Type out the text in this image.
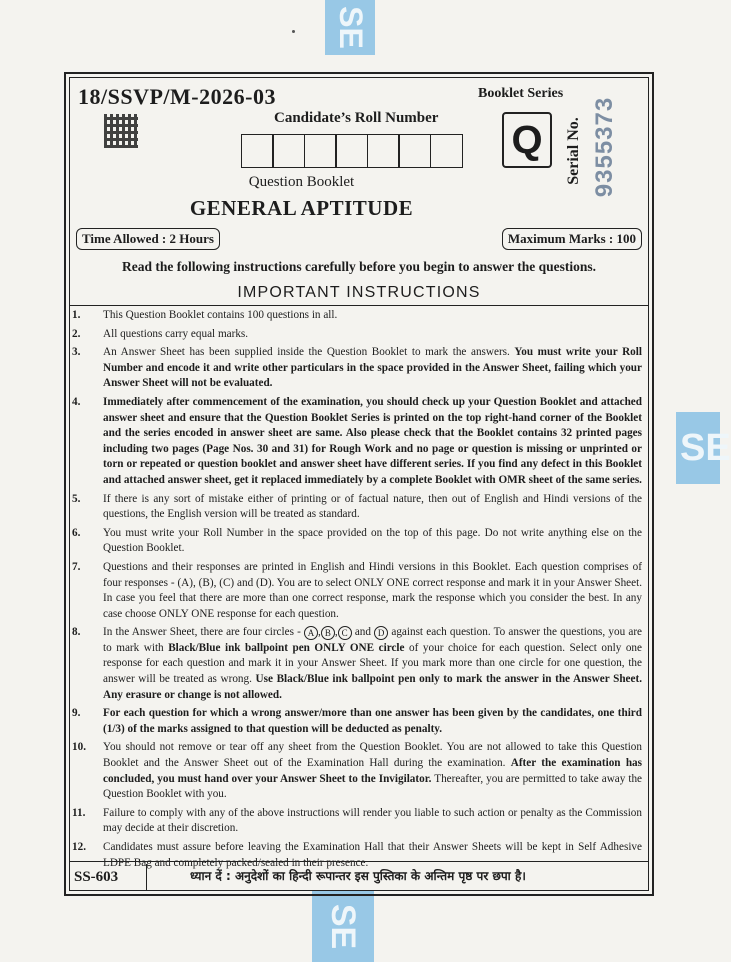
SE
SE
SE
18/SSVP/M-2026-03	Booklet Series
Candidate’s Roll Number Q Serial No. 9355373
Question Booklet
GENERAL APTITUDE
Time Allowed : 2 Hours	Maximum Marks : 100
Read the following instructions carefully before you begin to answer the questions.
IMPORTANT INSTRUCTIONS
1. This Question Booklet contains 100 questions in all.
2. All questions carry equal marks.
3. An Answer Sheet has been supplied inside the Question Booklet to mark the answers. You must write your Roll Number and encode it and write other particulars in the space provided in the Answer Sheet, failing which your Answer Sheet will not be evaluated.
4. Immediately after commencement of the examination, you should check up your Question Booklet and attached answer sheet and ensure that the Question Booklet Series is printed on the top right-hand corner of the Booklet and the series encoded in answer sheet are same. Also please check that the Booklet contains 32 printed pages including two pages (Page Nos. 30 and 31) for Rough Work and no page or question is missing or unprinted or torn or repeated or question booklet and answer sheet have different series. If you find any defect in this Booklet and attached answer sheet, get it replaced immediately by a complete Booklet with OMR sheet of the same series.
5. If there is any sort of mistake either of printing or of factual nature, then out of English and Hindi versions of the questions, the English version will be treated as standard.
6. You must write your Roll Number in the space provided on the top of this page. Do not write anything else on the Question Booklet.
7. Questions and their responses are printed in English and Hindi versions in this Booklet. Each question comprises of four responses - (A), (B), (C) and (D). You are to select ONLY ONE correct response and mark it in your Answer Sheet. In case you feel that there are more than one correct response, mark the response which you consider the best. In any case choose ONLY ONE response for each question.
8. In the Answer Sheet, there are four circles - A , B , C and D against each question. To answer the questions, you are to mark with Black/Blue ink ballpoint pen ONLY ONE circle of your choice for each question. Select only one response for each question and mark it in your Answer Sheet. If you mark more than one circle for one question, the answer will be treated as wrong. Use Black/Blue ink ballpoint pen only to mark the answer in the Answer Sheet. Any erasure or change is not allowed.
9. For each question for which a wrong answer/more than one answer has been given by the candidates, one third (1/3) of the marks assigned to that question will be deducted as penalty.
10. You should not remove or tear off any sheet from the Question Booklet. You are not allowed to take this Question Booklet and the Answer Sheet out of the Examination Hall during the examination. After the examination has concluded, you must hand over your Answer Sheet to the Invigilator. Thereafter, you are permitted to take away the Question Booklet with you.
11. Failure to comply with any of the above instructions will render you liable to such action or penalty as the Commission may decide at their discretion.
12. Candidates must assure before leaving the Examination Hall that their Answer Sheets will be kept in Self Adhesive LDPE Bag and completely packed/sealed in their presence.
SS-603	ध्यान दें : अनुदेशों का हिन्दी रूपान्तर इस पुस्तिका के अन्तिम पृष्ठ पर छपा है।
